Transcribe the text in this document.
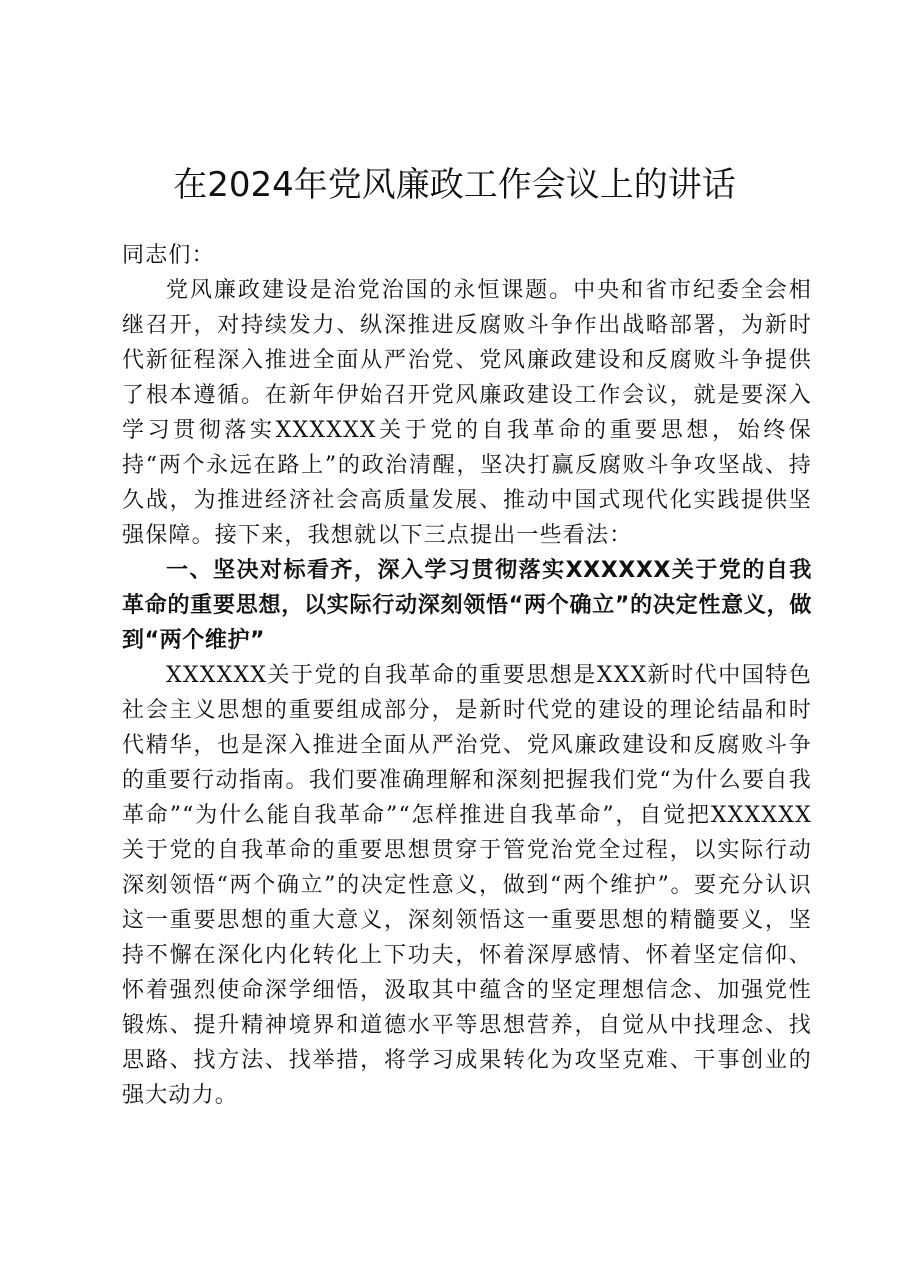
在2024年党风廉政工作会议上的讲话

同志们：

党风廉政建设是治党治国的永恒课题。中央和省市纪委全会相继召开，对持续发力、纵深推进反腐败斗争作出战略部署，为新时代新征程深入推进全面从严治党、党风廉政建设和反腐败斗争提供了根本遵循。在新年伊始召开党风廉政建设工作会议，就是要深入学习贯彻落实XXXXXX关于党的自我革命的重要思想，始终保持“两个永远在路上”的政治清醒，坚决打赢反腐败斗争攻坚战、持久战，为推进经济社会高质量发展、推动中国式现代化实践提供坚强保障。接下来，我想就以下三点提出一些看法：

一、坚决对标看齐，深入学习贯彻落实XXXXXX关于党的自我革命的重要思想，以实际行动深刻领悟“两个确立”的决定性意义，做到“两个维护”

XXXXXX关于党的自我革命的重要思想是XXX新时代中国特色社会主义思想的重要组成部分，是新时代党的建设的理论结晶和时代精华，也是深入推进全面从严治党、党风廉政建设和反腐败斗争的重要行动指南。我们要准确理解和深刻把握我们党“为什么要自我革命”“为什么能自我革命”“怎样推进自我革命”，自觉把XXXXXX关于党的自我革命的重要思想贯穿于管党治党全过程，以实际行动深刻领悟“两个确立”的决定性意义，做到“两个维护”。要充分认识这一重要思想的重大意义，深刻领悟这一重要思想的精髓要义，坚持不懈在深化内化转化上下功夫，怀着深厚感情、怀着坚定信仰、怀着强烈使命深学细悟，汲取其中蕴含的坚定理想信念、加强党性锻炼、提升精神境界和道德水平等思想营养，自觉从中找理念、找思路、找方法、找举措，将学习成果转化为攻坚克难、干事创业的强大动力。
